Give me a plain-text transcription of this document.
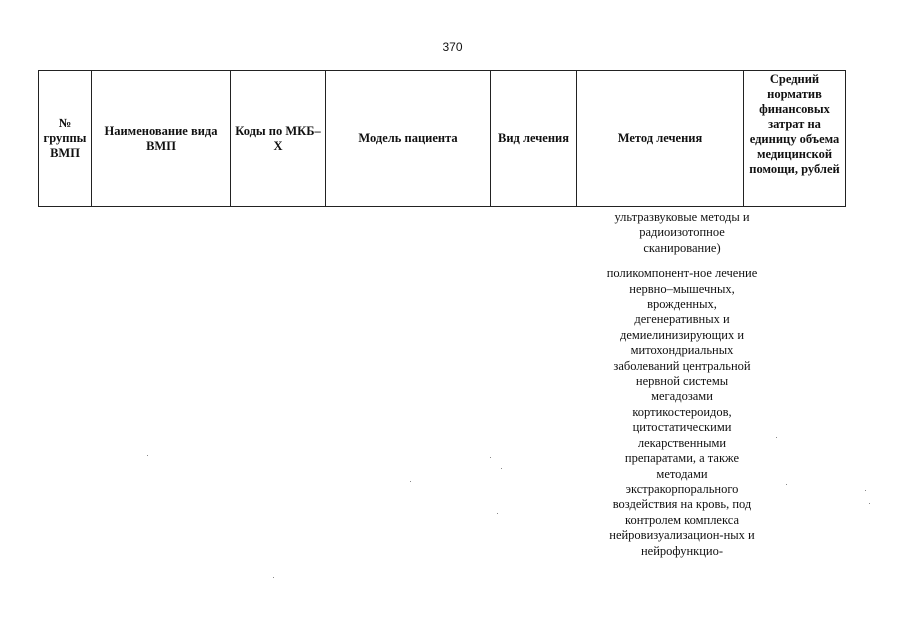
370
№ группы ВМП	Наименование вида ВМП	Коды по МКБ–Х	Модель пациента	Вид лечения	Метод лечения	Средний норматив финансовых затрат на единицу объема медицинской помощи, рублей

ультразвуковые методы и радиоизотопное сканирование)

поликомпонент-ное лечение нервно–мышечных, врожденных, дегенеративных и демиелинизирующих и митохондриальных заболеваний центральной нервной системы мегадозами кортикостероидов, цитостатическими лекарственными препаратами, а также методами экстракорпорального воздействия на кровь, под контролем комплекса нейровизуализацион-ных и нейрофункцио-
